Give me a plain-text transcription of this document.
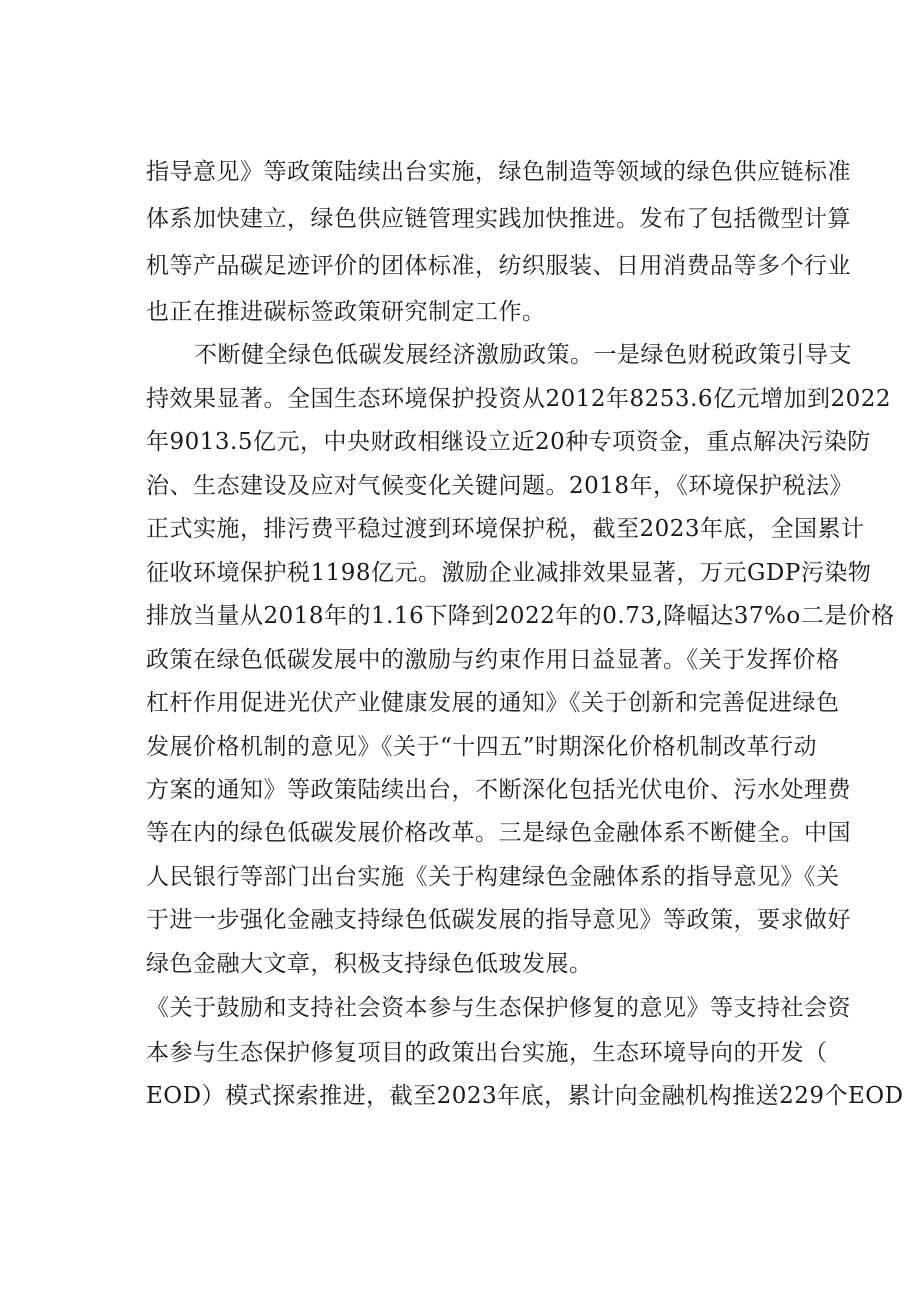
指导意见》等政策陆续出台实施，绿色制造等领域的绿色供应链标准

体系加快建立，绿色供应链管理实践加快推进。发布了包括微型计算

机等产品碳足迹评价的团体标准，纺织服装、日用消费品等多个行业

也正在推进碳标签政策研究制定工作。

不断健全绿色低碳发展经济激励政策。一是绿色财税政策引导支

持效果显著。全国生态环境保护投资从2012年8253.6亿元增加到2022

年9013.5亿元，中央财政相继设立近20种专项资金，重点解决污染防

治、生态建设及应对气候变化关键问题。2018年，《环境保护税法》

正式实施，排污费平稳过渡到环境保护税，截至2023年底，全国累计

征收环境保护税1198亿元。激励企业减排效果显著，万元GDP污染物

排放当量从2018年的1.16下降到2022年的0.73,降幅达37%o二是价格

政策在绿色低碳发展中的激励与约束作用日益显著。《关于发挥价格

杠杆作用促进光伏产业健康发展的通知》《关于创新和完善促进绿色

发展价格机制的意见》《关于“十四五”时期深化价格机制改革行动

方案的通知》等政策陆续出台，不断深化包括光伏电价、污水处理费

等在内的绿色低碳发展价格改革。三是绿色金融体系不断健全。中国

人民银行等部门出台实施《关于构建绿色金融体系的指导意见》《关

于进一步强化金融支持绿色低碳发展的指导意见》等政策，要求做好

绿色金融大文章，积极支持绿色低玻发展。

《关于鼓励和支持社会资本参与生态保护修复的意见》等支持社会资

本参与生态保护修复项目的政策出台实施，生态环境导向的开发（

EOD）模式探索推进，截至2023年底，累计向金融机构推送229个EOD
